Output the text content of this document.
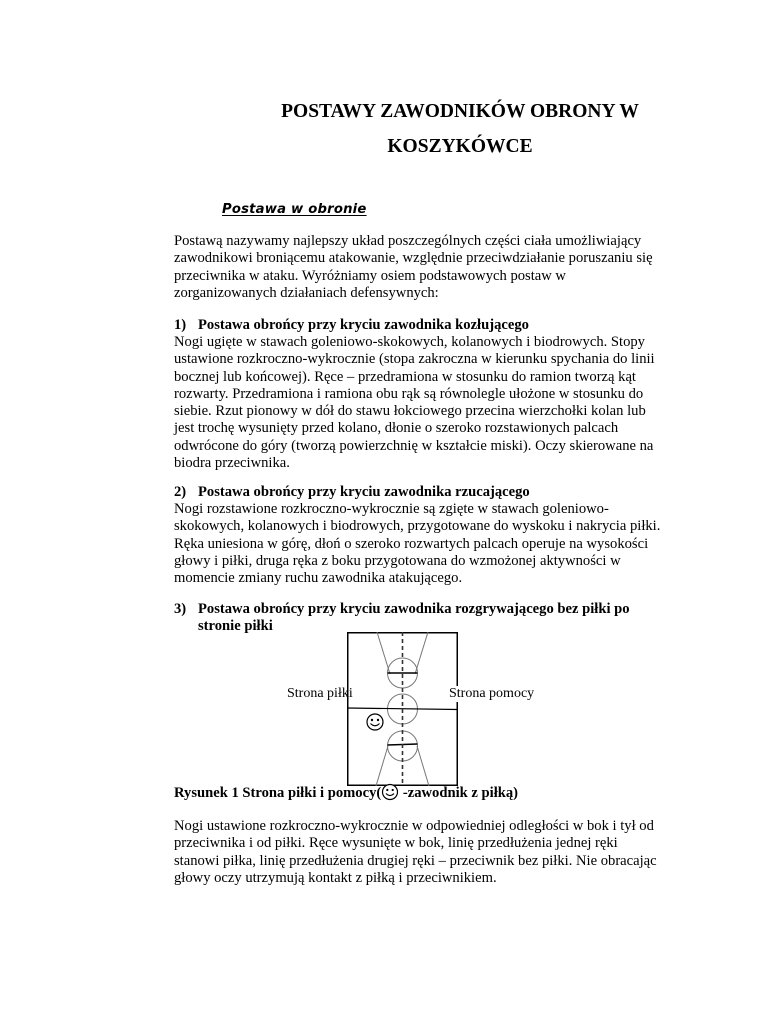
POSTAWY ZAWODNIKÓW OBRONY W
KOSZYKÓWCE
Postawa w obronie
Postawą nazywamy najlepszy układ poszczególnych części ciała umożliwiający
zawodnikowi broniącemu atakowanie, względnie przeciwdziałanie poruszaniu się
przeciwnika w ataku. Wyróżniamy osiem podstawowych postaw w
zorganizowanych działaniach defensywnych:
1) Postawa obrońcy przy kryciu zawodnika kozłującego
Nogi ugięte w stawach goleniowo-skokowych, kolanowych i biodrowych. Stopy
ustawione rozkroczno-wykrocznie (stopa zakroczna w kierunku spychania do linii
bocznej lub końcowej). Ręce – przedramiona w stosunku do ramion tworzą kąt
rozwarty. Przedramiona i ramiona obu rąk są równolegle ułożone w stosunku do
siebie. Rzut pionowy w dół do stawu łokciowego przecina wierzchołki kolan lub
jest trochę wysunięty przed kolano, dłonie o szeroko rozstawionych palcach
odwrócone do góry (tworzą powierzchnię w kształcie miski). Oczy skierowane na
biodra przeciwnika.
2) Postawa obrońcy przy kryciu zawodnika rzucającego
Nogi rozstawione rozkroczno-wykrocznie są zgięte w stawach goleniowo-
skokowych, kolanowych i biodrowych, przygotowane do wyskoku i nakrycia piłki.
Ręka uniesiona w górę, dłoń o szeroko rozwartych palcach operuje na wysokości
głowy i piłki, druga ręka z boku przygotowana do wzmożonej aktywności w
momencie zmiany ruchu zawodnika atakującego.
3) Postawa obrońcy przy kryciu zawodnika rozgrywającego bez piłki po
stronie piłki
Strona piłki	Strona pomocy
Rysunek 1 Strona piłki i pomocy( -zawodnik z piłką)
Nogi ustawione rozkroczno-wykrocznie w odpowiedniej odległości w bok i tył od
przeciwnika i od piłki. Ręce wysunięte w bok, linię przedłużenia jednej ręki
stanowi piłka, linię przedłużenia drugiej ręki – przeciwnik bez piłki. Nie obracając
głowy oczy utrzymują kontakt z piłką i przeciwnikiem.
